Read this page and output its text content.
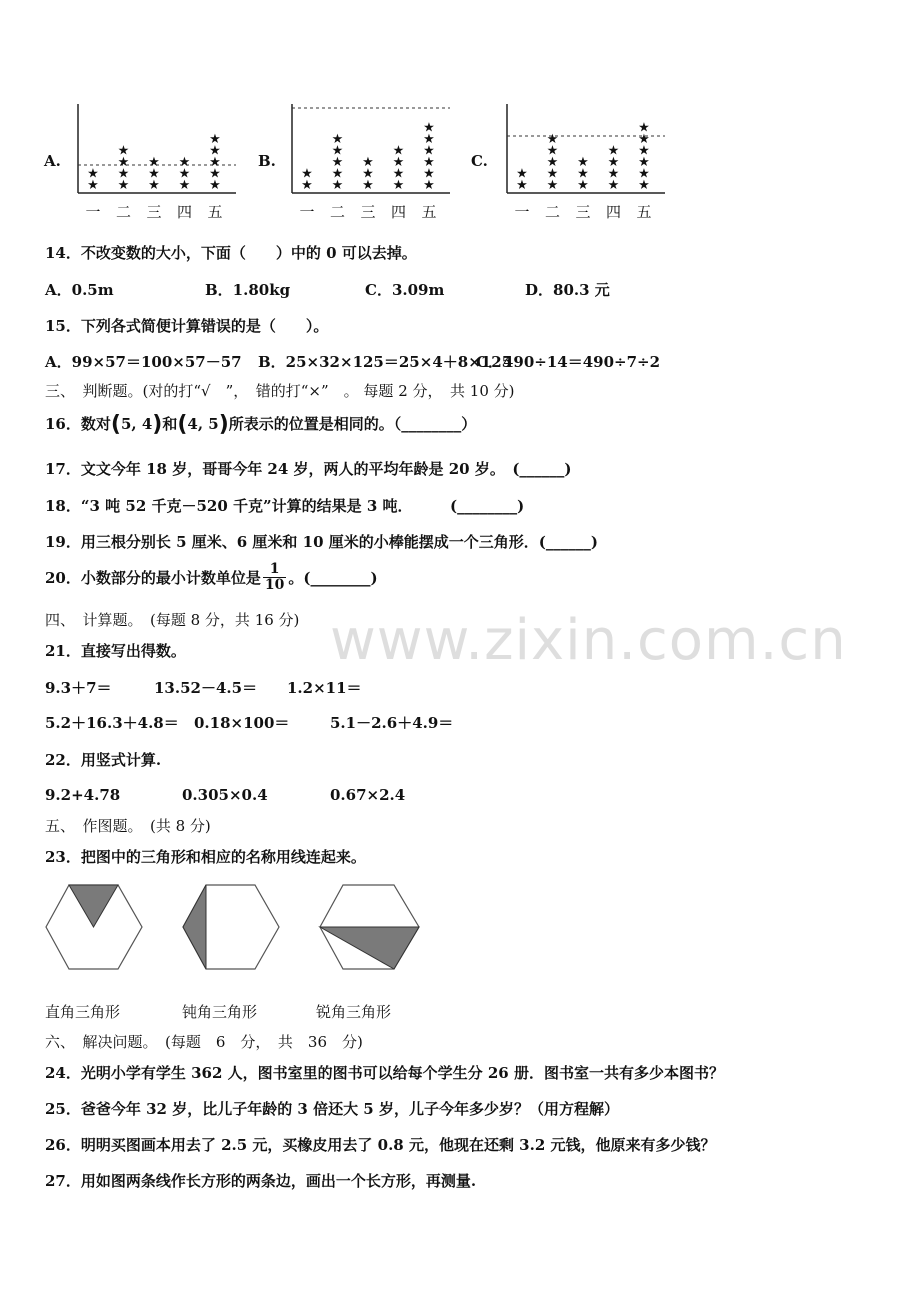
A.	B.	C.
★
★
一
★
★
★
★
二
★
★
★
三
★
★
★
四
★
★
★
★
★
五
★
★
一
★
★
★
★
★
二
★
★
★
三
★
★
★
★
四
★
★
★
★
★
★
五
★
★
一
★
★
★
★
★
二
★
★
★
三
★
★
★
★
四
★
★
★
★
★
★
五
14．不改变数的大小，下面（　　）中的 0 可以去掉。
A．0.5m	B．1.80kg	C．3.09m	D．80.3 元
15．下列各式简便计算错误的是（　　）。
A．99×57＝100×57－57 B．25×32×125＝25×4＋8×125
C．490÷14＝490÷7÷2
三、　判断题。(对的打“√　”，　错的打“×”　。 每题 2 分，　共 10 分)
16．数对(5, 4)和(4, 5)所表示的位置是相同的。（________）
17．文文今年 18 岁，哥哥今年 24 岁，两人的平均年龄是 20 岁。　(______)
18．“3 吨 52 千克－520 千克”计算的结果是 3 吨．　　　(________)
19．用三根分别长 5 厘米、6 厘米和 10 厘米的小棒能摆成一个三角形．(______)
20．小数部分的最小计数单位是 $\frac{1}{10}$ 。(________)
四、　计算题。　(每题 8 分，共 16 分)
21．直接写出得数。
9.3＋7＝	13.52－4.5＝ 1.2×11＝
5.2＋16.3＋4.8＝ 0.18×100＝	5.1－2.6＋4.9＝
22．用竖式计算.
9.2+4.78	0.305×0.4	0.67×2.4
五、　作图题。　(共 8 分)
23．把图中的三角形和相应的名称用线连起来。
直角三角形	钝角三角形	锐角三角形
六、　解决问题。　(每题　6　分，　共　36　分)
24．光明小学有学生 362 人，图书室里的图书可以给每个学生分 26 册．图书室一共有多少本图书？
25．爸爸今年 32 岁，比儿子年龄的 3 倍还大 5 岁，儿子今年多少岁？（用方程解）
26．明明买图画本用去了 2.5 元，买橡皮用去了 0.8 元，他现在还剩 3.2 元钱，他原来有多少钱？
27．用如图两条线作长方形的两条边，画出一个长方形，再测量.
www.zixin.com.cn
